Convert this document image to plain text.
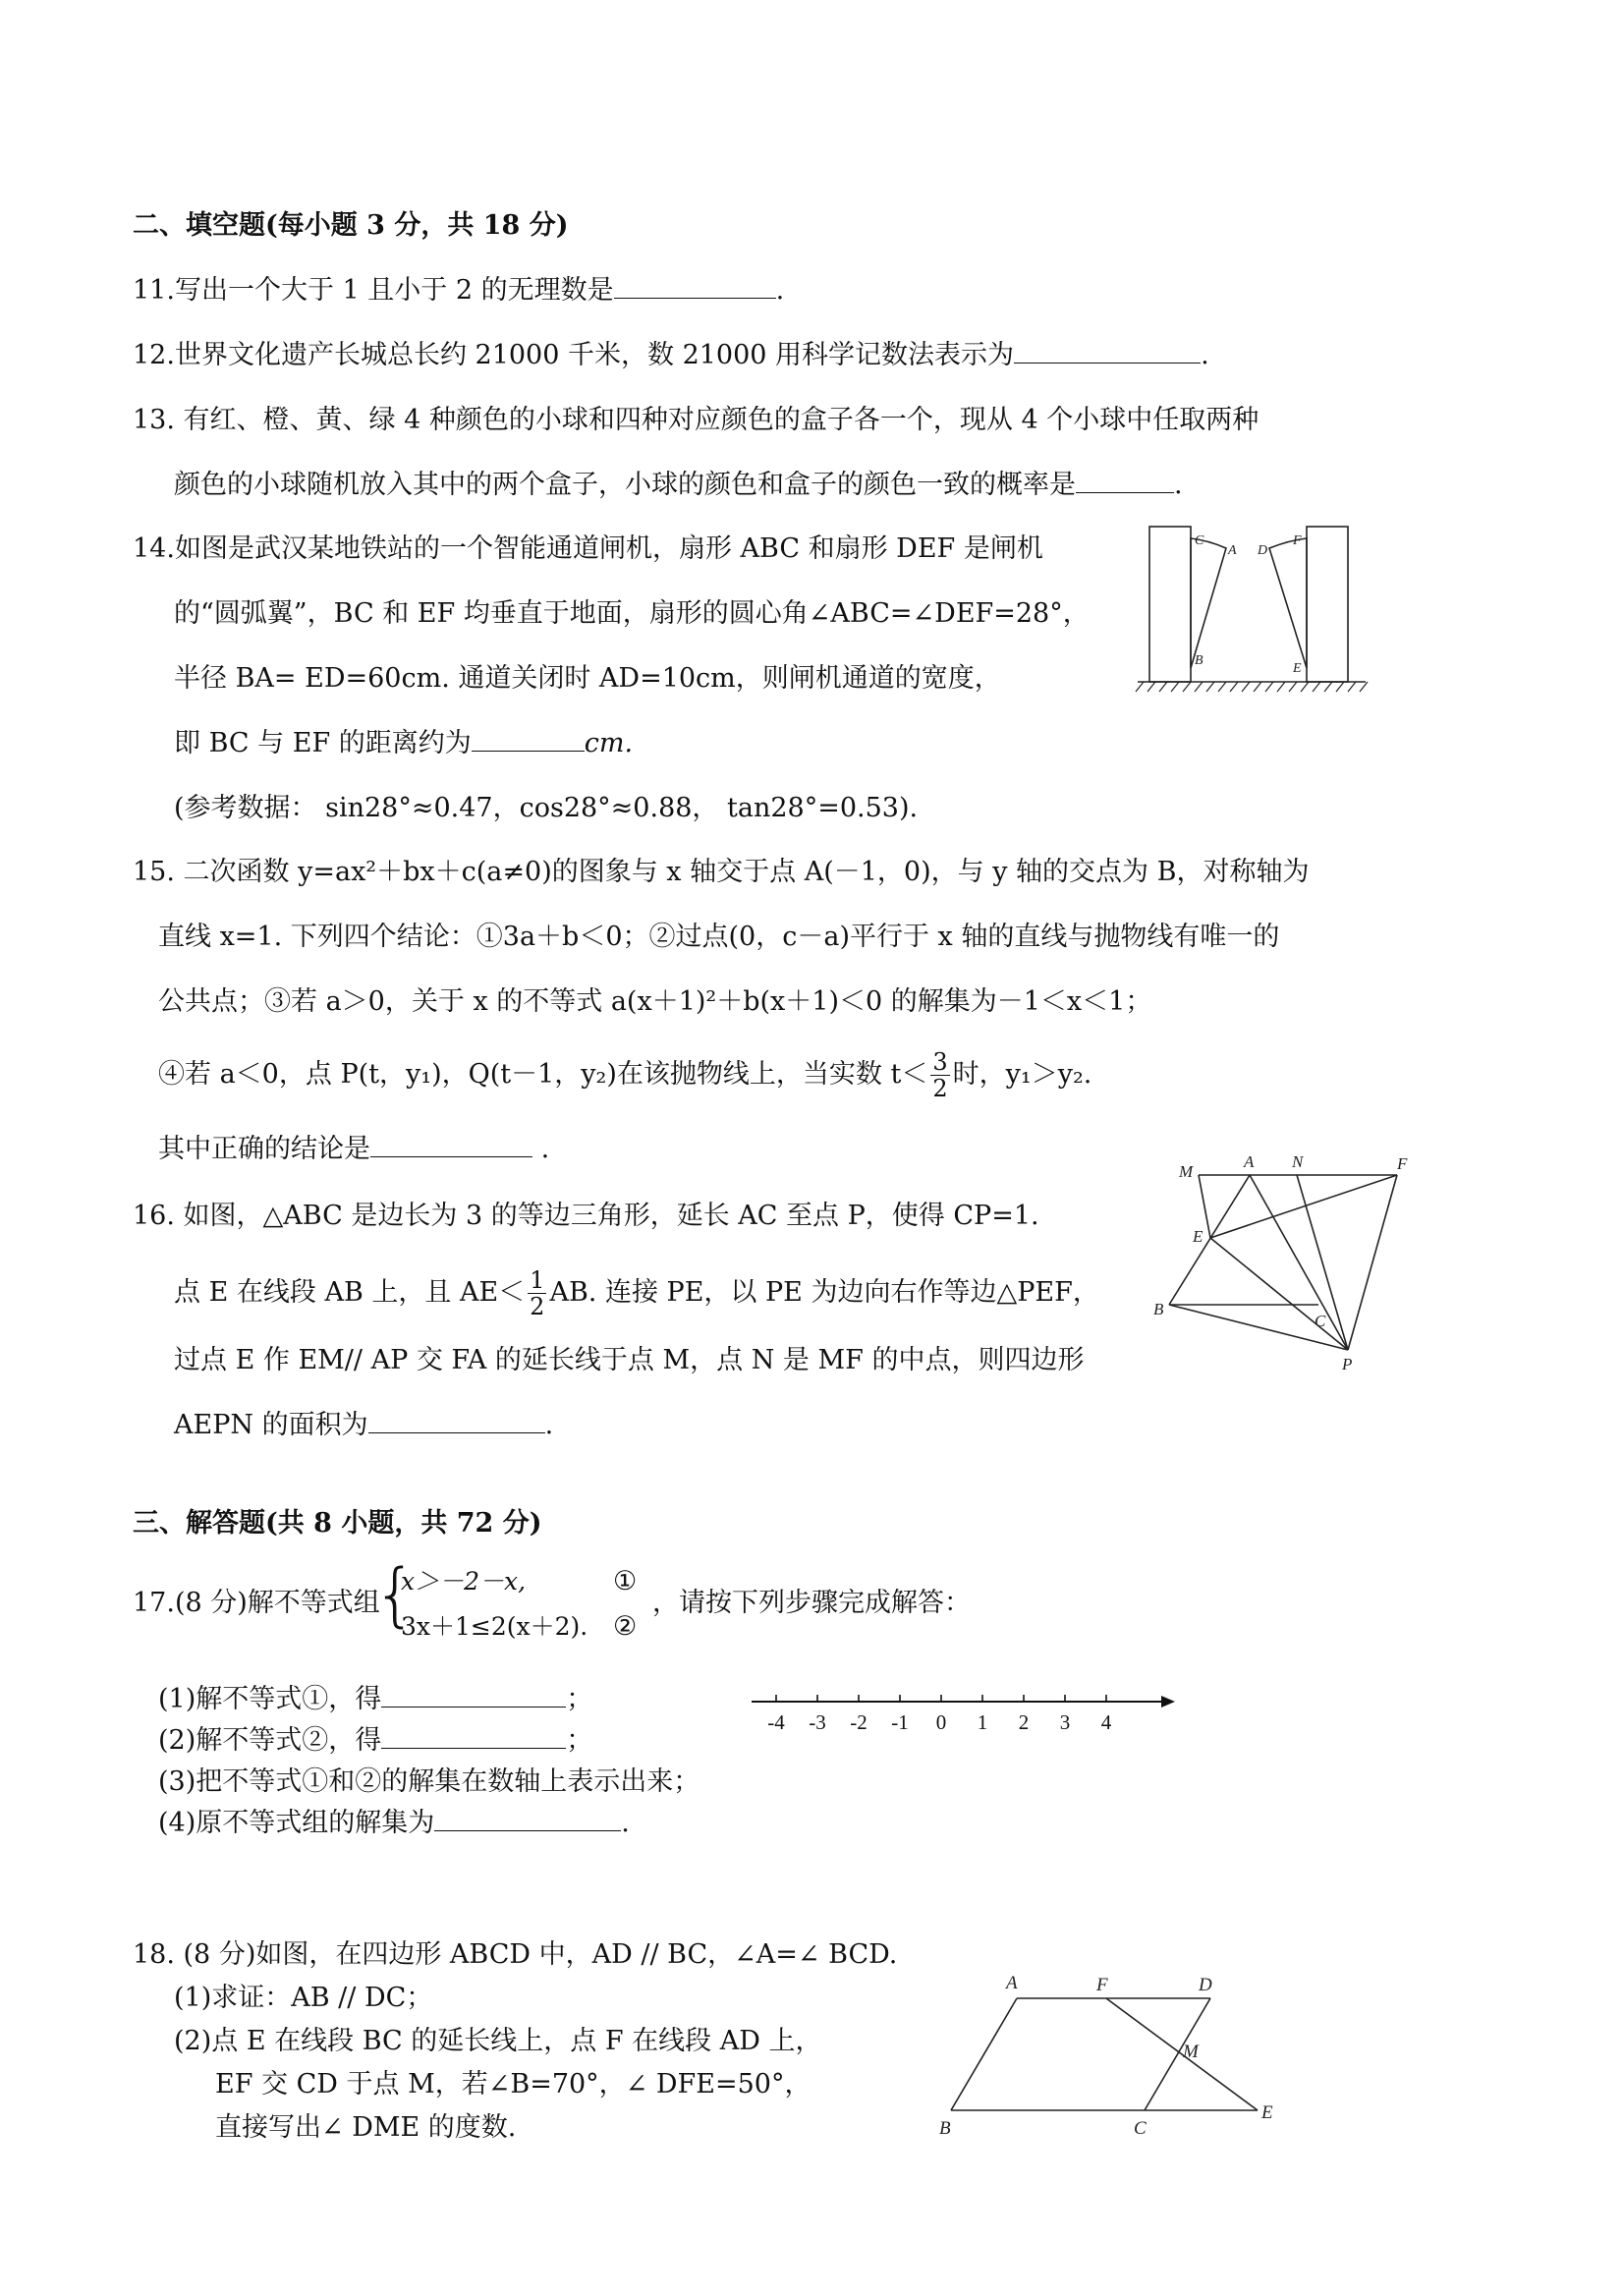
二、填空题(每小题 3 分，共 18 分)
11.写出一个大于 1 且小于 2 的无理数是	.
12.世界文化遗产长城总长约 21000 千米，数 21000 用科学记数法表示为	.
13. 有红、橙、黄、绿 4 种颜色的小球和四种对应颜色的盒子各一个，现从 4 个小球中任取两种
颜色的小球随机放入其中的两个盒子，小球的颜色和盒子的颜色一致的概率是	.
14.如图是武汉某地铁站的一个智能通道闸机，扇形 ABC 和扇形 DEF 是闸机
的“圆弧翼”，BC 和 EF 均垂直于地面，扇形的圆心角∠ABC=∠DEF=28°，
半径 BA= ED=60cm. 通道关闭时 AD=10cm，则闸机通道的宽度，
即 BC 与 EF 的距离约为	cm.
(参考数据： sin28°≈0.47，cos28°≈0.88， tan28°=0.53).
C
A D
F
B
E
15. 二次函数 y=ax²＋bx＋c(a≠0)的图象与 x 轴交于点 A(－1，0)，与 y 轴的交点为 B，对称轴为
直线 x=1. 下列四个结论：①3a＋b＜0；②过点(0，c－a)平行于 x 轴的直线与抛物线有唯一的
公共点；③若 a＞0，关于 x 的不等式 a(x＋1)²＋b(x＋1)＜0 的解集为－1＜x＜1；
④若 a＜0，点 P(t，y₁)，Q(t－1，y₂)在该抛物线上，当实数 $t< \frac{3}{2}$ 时，y₁＞y₂.
其中正确的结论是	.
16. 如图，△ABC 是边长为 3 的等边三角形，延长 AC 至点 P，使得 CP=1.
点 E 在线段 AB 上，且 $AE< \frac{1}{2}$ AB. 连接 PE，以 PE 为边向右作等边△PEF，
过点 E 作 EM// AP 交 FA 的延长线于点 M，点 N 是 MF 的中点，则四边形
AEPN 的面积为	.
M
A N	F
E
B
C
P
三、解答题(共 8 小题，共 72 分)
17.(8 分)解不等式组
{
x＞－2－x,
3x＋1≤2(x＋2).
①
②
，请按下列步骤完成解答：
(1)解不等式①，得	；
(2)解不等式②，得	；
(3)把不等式①和②的解集在数轴上表示出来；
(4)原不等式组的解集为	.
-4 -3 -2 -1 0 1 2 3 4
18. (8 分)如图，在四边形 ABCD 中，AD // BC，∠A=∠ BCD.
(1)求证：AB // DC；
(2)点 E 在线段 BC 的延长线上，点 F 在线段 AD 上，
EF 交 CD 于点 M，若∠B=70°，∠ DFE=50°，
直接写出∠ DME 的度数.
A	F	D
M
B	C
E
